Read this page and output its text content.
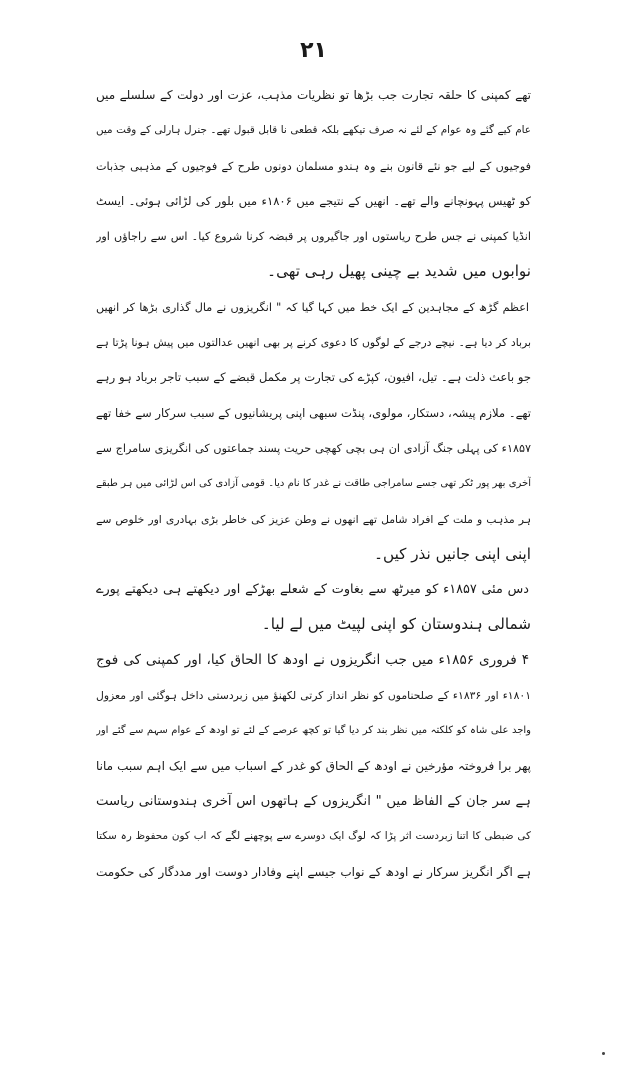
۲۱
تھے کمپنی کا حلقہ تجارت جب بڑھا تو نظریات مذہب، عزت اور دولت کے سلسلے میں
عام کیے گئے وہ عوام کے لئے نہ صرف تیکھے بلکہ قطعی نا قابل قبول تھے۔ جنرل ہارلی کے وقت میں
فوجیوں کے لیے جو نئے قانون بنے وہ ہندو مسلمان دونوں طرح کے فوجیوں کے مذہبی جذبات
کو ٹھیس پہونچانے والے تھے۔ انھیں کے نتیجے میں ۱۸۰۶ء میں بلور کی لڑائی ہوئی۔ ایسٹ
انڈیا کمپنی نے جس طرح ریاستوں اور جاگیروں پر قبضہ کرنا شروع کیا۔ اس سے راجاؤں اور
نوابوں میں شدید بے چینی پھیل رہی تھی۔
اعظم گڑھ کے مجاہدین کے ایک خط میں کہا گیا کہ " انگریزوں نے مال گذاری بڑھا کر انھیں
برباد کر دیا ہے۔ نیچے درجے کے لوگوں کا دعوی کرنے پر بھی انھیں عدالتوں میں پیش ہونا پڑتا ہے
جو باعث ذلت ہے۔ تیل، افیون، کپڑے کی تجارت پر مکمل قبضے کے سبب تاجر برباد ہو رہے
تھے۔ ملازم پیشہ، دستکار، مولوی، پنڈت سبھی اپنی پریشانیوں کے سبب سرکار سے خفا تھے
۱۸۵۷ء کی پہلی جنگ آزادی ان ہی بچی کھچی حریت پسند جماعتوں کی انگریزی سامراج سے
آخری بھر پور ٹکر تھی جسے سامراجی طاقت نے غدر کا نام دیا۔ قومی آزادی کی اس لڑائی میں ہر طبقے
ہر مذہب و ملت کے افراد شامل تھے انھوں نے وطن عزیز کی خاطر بڑی بہادری اور خلوص سے
اپنی اپنی جانیں نذر کیں۔
دس مئی ۱۸۵۷ء کو میرٹھ سے بغاوت کے شعلے بھڑکے اور دیکھتے ہی دیکھتے پورے
شمالی ہندوستان کو اپنی لپیٹ میں لے لیا۔
۴ فروری ۱۸۵۶ء میں جب انگریزوں نے اودھ کا الحاق کیا، اور کمپنی کی فوج
۱۸۰۱ء اور ۱۸۳۶ء کے صلحناموں کو نظر انداز کرتی لکھنؤ میں زبردستی داخل ہوگئی اور معزول
واجد علی شاہ کو کلکتہ میں نظر بند کر دیا گیا تو کچھ عرصے کے لئے تو اودھ کے عوام سہم سے گئے اور
پھر برا فروختہ مؤرخین نے اودھ کے الحاق کو غدر کے اسباب میں سے ایک اہم سبب مانا
ہے سر جان کے الفاظ میں " انگریزوں کے ہاتھوں اس آخری ہندوستانی ریاست
کی ضبطی کا اتنا زبردست اثر پڑا کہ لوگ ایک دوسرے سے پوچھنے لگے کہ اب کون محفوظ رہ سکتا
ہے اگر انگریز سرکار نے اودھ کے نواب جیسے اپنے وفادار دوست اور مددگار کی حکومت
